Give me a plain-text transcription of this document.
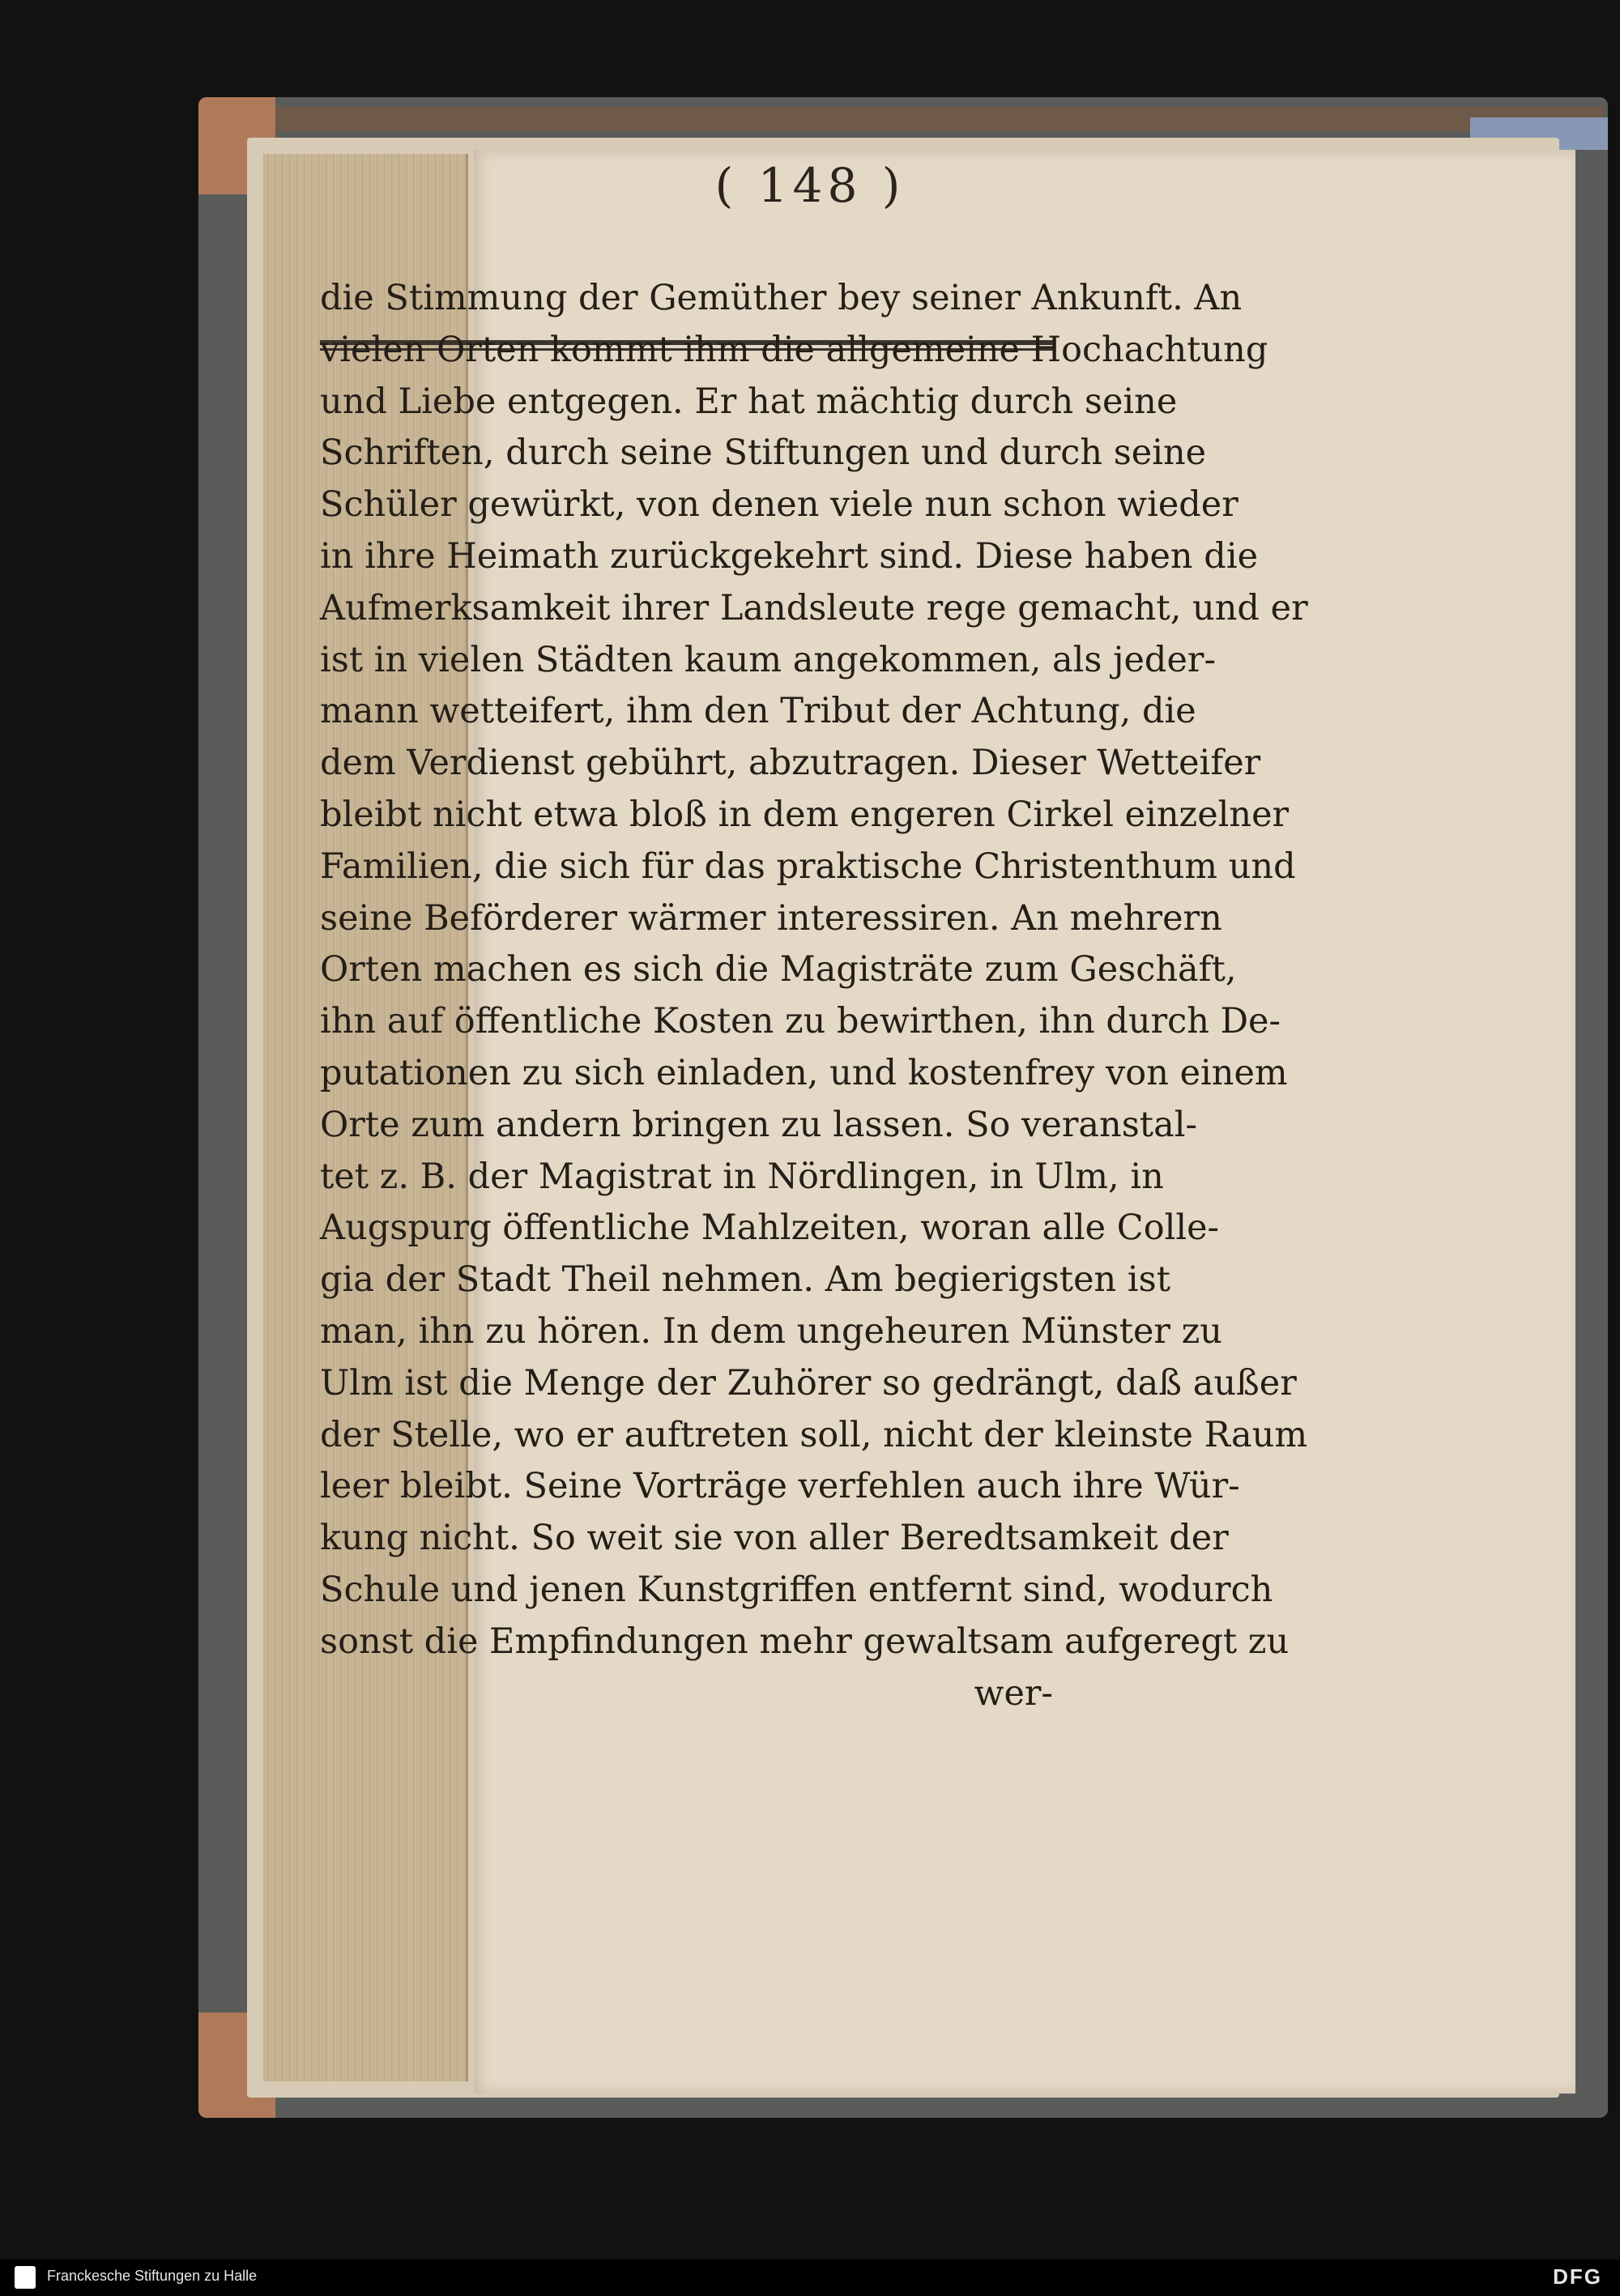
( 148 )
die Stimmung der Gemüther bey seiner Ankunft. An
vielen Orten kommt ihm die allgemeine Hochachtung
und Liebe entgegen. Er hat mächtig durch seine
Schriften, durch seine Stiftungen und durch seine
Schüler gewürkt, von denen viele nun schon wieder
in ihre Heimath zurückgekehrt sind. Diese haben die
Aufmerksamkeit ihrer Landsleute rege gemacht, und er
ist in vielen Städten kaum angekommen, als jeder-
mann wetteifert, ihm den Tribut der Achtung, die
dem Verdienst gebührt, abzutragen. Dieser Wetteifer
bleibt nicht etwa bloß in dem engeren Cirkel einzelner
Familien, die sich für das praktische Christenthum und
seine Beförderer wärmer interessiren. An mehrern
Orten machen es sich die Magisträte zum Geschäft,
ihn auf öffentliche Kosten zu bewirthen, ihn durch De-
putationen zu sich einladen, und kostenfrey von einem
Orte zum andern bringen zu lassen. So veranstal-
tet z. B. der Magistrat in Nördlingen, in Ulm, in
Augspurg öffentliche Mahlzeiten, woran alle Colle-
gia der Stadt Theil nehmen. Am begierigsten ist
man, ihn zu hören. In dem ungeheuren Münster zu
Ulm ist die Menge der Zuhörer so gedrängt, daß außer
der Stelle, wo er auftreten soll, nicht der kleinste Raum
leer bleibt. Seine Vorträge verfehlen auch ihre Wür-
kung nicht. So weit sie von aller Beredtsamkeit der
Schule und jenen Kunstgriffen entfernt sind, wodurch
sonst die Empfindungen mehr gewaltsam aufgeregt zu
wer-
Franckesche Stiftungen zu Halle	DFG
